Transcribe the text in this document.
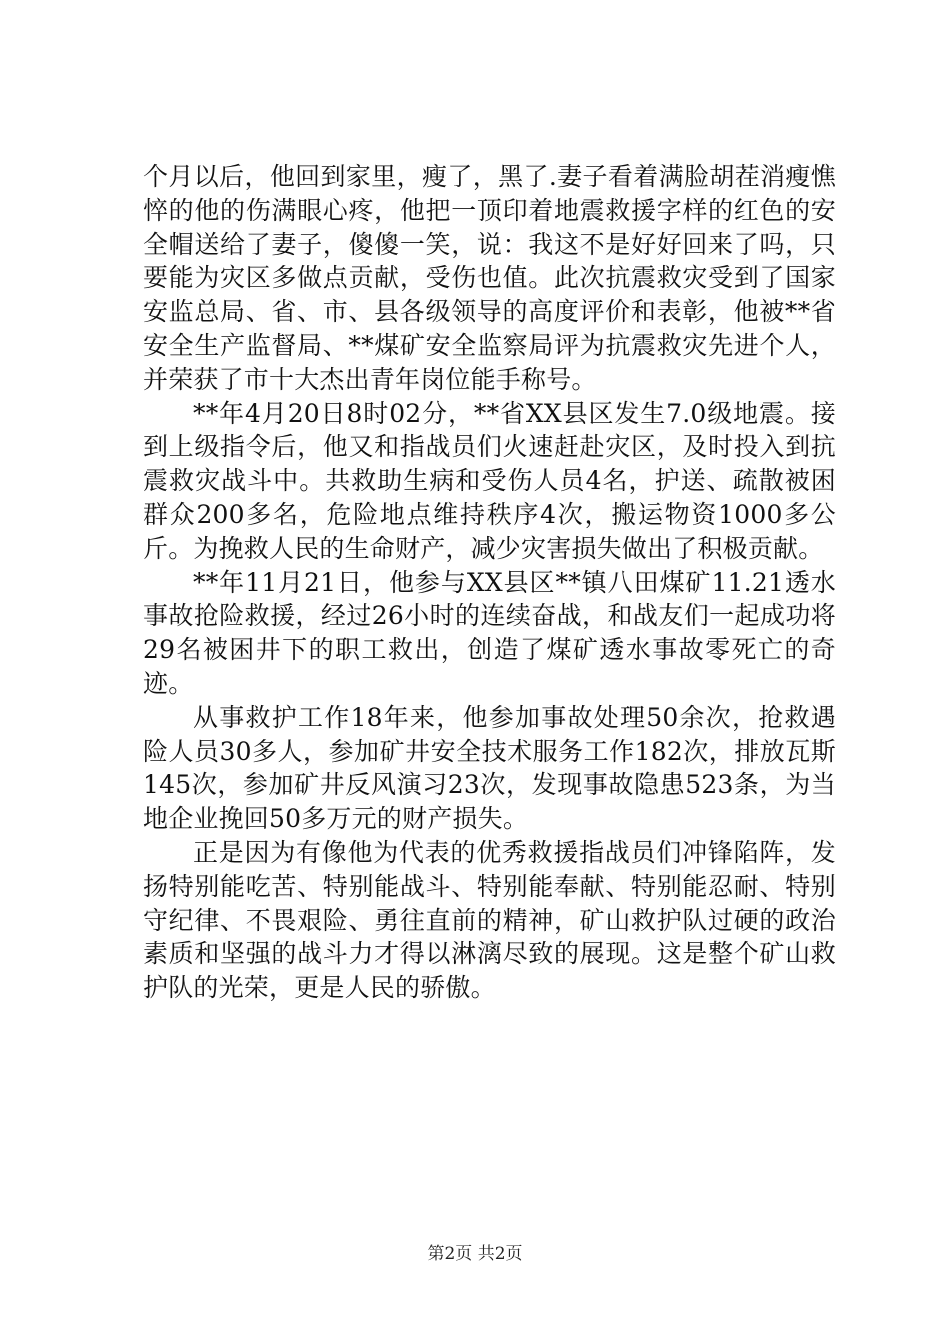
个月以后，他回到家里，瘦了，黑了.妻子看着满脸胡茬消瘦憔悴的他的伤满眼心疼，他把一顶印着地震救援字样的红色的安全帽送给了妻子，傻傻一笑，说：我这不是好好回来了吗，只要能为灾区多做点贡献，受伤也值。此次抗震救灾受到了国家安监总局、省、市、县各级领导的高度评价和表彰，他被**省安全生产监督局、**煤矿安全监察局评为抗震救灾先进个人，并荣获了市十大杰出青年岗位能手称号。

**年4月20日8时02分，**省XX县区发生7.0级地震。接到上级指令后，他又和指战员们火速赶赴灾区，及时投入到抗震救灾战斗中。共救助生病和受伤人员4名，护送、疏散被困群众200多名，危险地点维持秩序4次，搬运物资1000多公斤。为挽救人民的生命财产，减少灾害损失做出了积极贡献。

**年11月21日，他参与XX县区**镇八田煤矿11.21透水事故抢险救援，经过26小时的连续奋战，和战友们一起成功将29名被困井下的职工救出，创造了煤矿透水事故零死亡的奇迹。

从事救护工作18年来，他参加事故处理50余次，抢救遇险人员30多人，参加矿井安全技术服务工作182次，排放瓦斯145次，参加矿井反风演习23次，发现事故隐患523条，为当地企业挽回50多万元的财产损失。

正是因为有像他为代表的优秀救援指战员们冲锋陷阵，发扬特别能吃苦、特别能战斗、特别能奉献、特别能忍耐、特别守纪律、不畏艰险、勇往直前的精神，矿山救护队过硬的政治素质和坚强的战斗力才得以淋漓尽致的展现。这是整个矿山救护队的光荣，更是人民的骄傲。

第2页 共2页
